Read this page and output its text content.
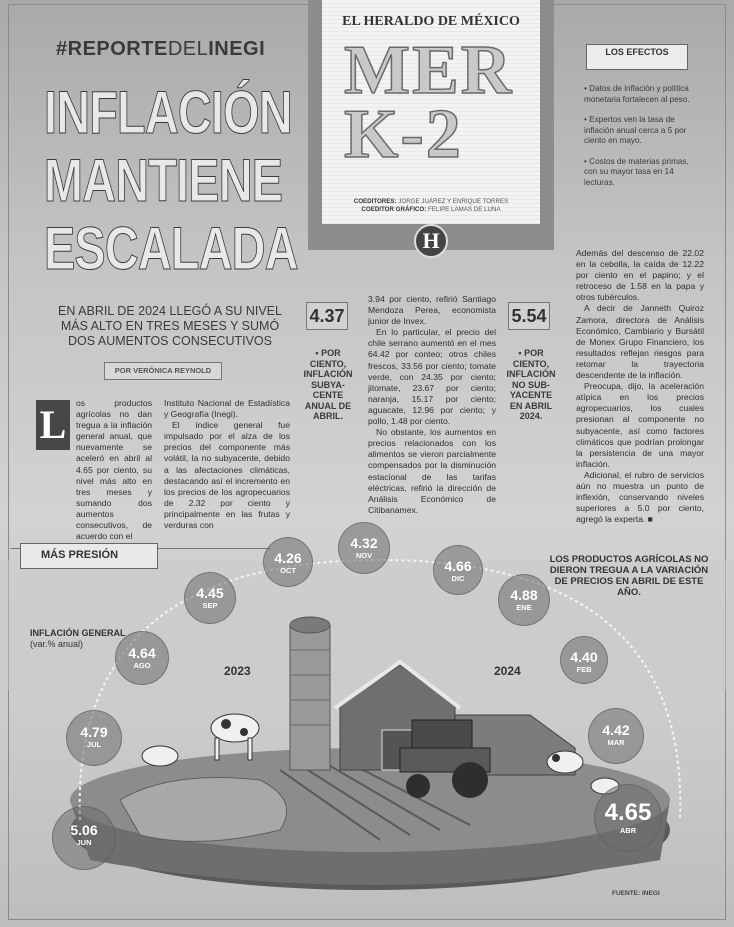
#REPORTEDELINEGI
INFLACIÓN
MANTIENE
ESCALADA
EN ABRIL DE 2024 LLEGÓ A SU NIVEL MÁS ALTO EN TRES MESES Y SUMÓ DOS AUMENTOS CONSECUTIVOS
POR VERÓNICA REYNOLD
EL HERALDO DE MÉXICO
MER
K-2
COEDITORES: JORGE JUÁREZ Y ENRIQUE TORRES
COEDITOR GRÁFICO: FELIPE LAMAS DE LUNA
H
LOS EFECTOS
• Datos de inflación y política monetaria fortalecen al peso.
• Expertos ven la tasa de inflación anual cerca a 5 por ciento en mayo.
• Costos de materias primas, con su mayor tasa en 14 lecturas.
4.37
• POR CIENTO, INFLACIÓN SUBYA-CENTE ANUAL DE ABRIL.
5.54
• POR CIENTO, INFLACIÓN NO SUB-YACENTE EN ABRIL 2024.
L	os productos agrícolas no dan tregua a la inflación general anual, que nuevamente se aceleró en abril al 4.65 por ciento, su nivel más alto en tres meses y sumando dos aumentos consecutivos, de acuerdo con el

Instituto Nacional de Estadística y Geografía (Inegi).

El índice general fue impulsado por el alza de los precios del componente más volátil, la no subyacente, debido a las afectaciones climáticas, destacando así el incremento en los precios de los agropecuarios de 2.32 por ciento y principalmente en las frutas y verduras con

3.94 por ciento, refirió Santiago Mendoza Perea, economista junior de Invex.

En lo particular, el precio del chile serrano aumentó en el mes 64.42 por conteo; otros chiles frescos, 33.56 por ciento; tomate verde, con 24.35 por ciento; jitomate, 23.67 por ciento; naranja, 15.17 por ciento; aguacate, 12.96 por ciento; y pollo, 1.48 por ciento.

No obstante, los aumentos en precios relacionados con los alimentos se vieron parcialmente compensados por la disminución estacional de las tarifas eléctricas, refirió la dirección de Análisis Económico de Citibanamex.

Además del descenso de 22.02 en la cebolla, la caída de 12.22 por ciento en el papino; y el retroceso de 1.58 en la papa y otros tubérculos.

A decir de Janneth Quiroz Zamora, directora de Análisis Económico, Cambiario y Bursátil de Monex Grupo Financiero, los resultados reflejan riesgos para retomar la trayectoria descendente de la inflación.

Preocupa, dijo, la aceleración atípica en los precios agropecuarios, los cuales presionan al componente no subyacente, así como factores climáticos que podrían prolongar la persistencia de una mayor inflación.

Adicional, el rubro de servicios aún no muestra un punto de inflexión, conservando niveles superiores a 5.0 por ciento, agregó la experta. ■

MÁS PRESIÓN	LOS PRODUCTOS AGRÍCOLAS NO DIERON TREGUA A LA VARIACIÓN DE PRECIOS EN ABRIL DE ESTE AÑO.
INFLACIÓN GENERAL
(var.% anual)
2023	2024
FUENTE: INEGI
5.06
JUN
4.79
JUL
4.64
AGO
4.45
SEP
4.26
OCT
4.32
NOV
4.66
DIC
4.88
ENE
4.40
FEB
4.42
MAR
4.65
ABR
